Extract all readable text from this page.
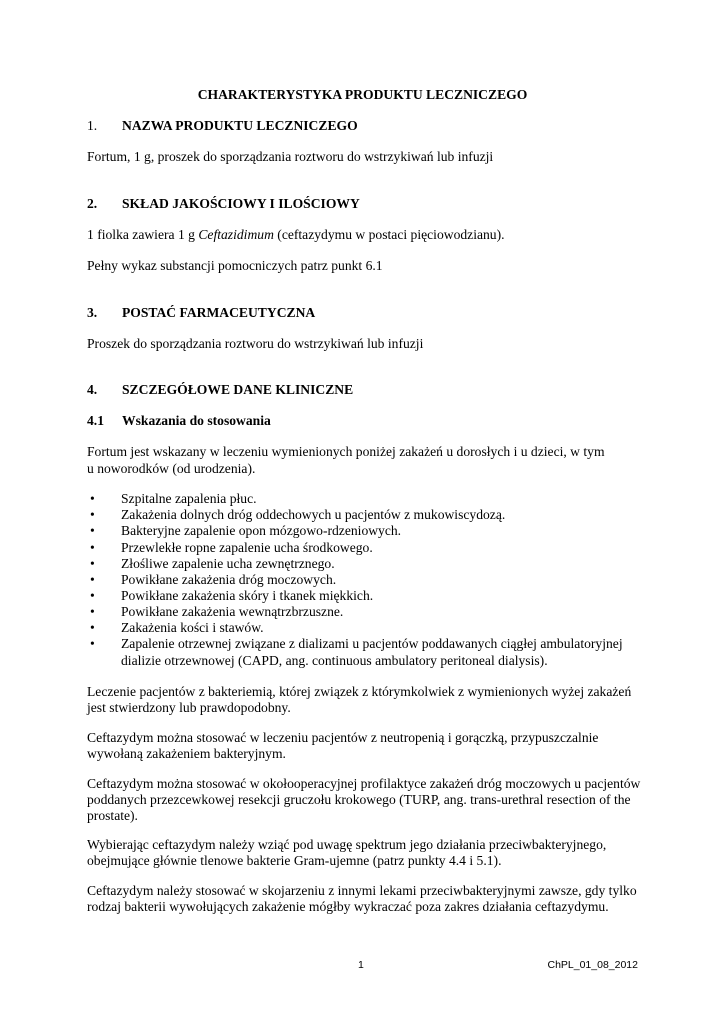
CHARAKTERYSTYKA PRODUKTU LECZNICZEGO
1. NAZWA PRODUKTU LECZNICZEGO
Fortum, 1 g, proszek do sporządzania roztworu do wstrzykiwań lub infuzji
2. SKŁAD JAKOŚCIOWY I ILOŚCIOWY
1 fiolka zawiera 1 g Ceftazidimum (ceftazydymu w postaci pięciowodzianu).
Pełny wykaz substancji pomocniczych patrz punkt 6.1
3. POSTAĆ FARMACEUTYCZNA
Proszek do sporządzania roztworu do wstrzykiwań lub infuzji
4. SZCZEGÓŁOWE DANE KLINICZNE
4.1 Wskazania do stosowania
Fortum jest wskazany w leczeniu wymienionych poniżej zakażeń u dorosłych i u dzieci, w tym
u noworodków (od urodzenia).
• Szpitalne zapalenia płuc.
• Zakażenia dolnych dróg oddechowych u pacjentów z mukowiscydozą.
• Bakteryjne zapalenie opon mózgowo-rdzeniowych.
• Przewlekłe ropne zapalenie ucha środkowego.
• Złośliwe zapalenie ucha zewnętrznego.
• Powikłane zakażenia dróg moczowych.
• Powikłane zakażenia skóry i tkanek miękkich.
• Powikłane zakażenia wewnątrzbrzuszne.
• Zakażenia kości i stawów.
• Zapalenie otrzewnej związane z dializami u pacjentów poddawanych ciągłej ambulatoryjnej
dializie otrzewnowej (CAPD, ang. continuous ambulatory peritoneal dialysis).
Leczenie pacjentów z bakteriemią, której związek z którymkolwiek z wymienionych wyżej zakażeń
jest stwierdzony lub prawdopodobny.
Ceftazydym można stosować w leczeniu pacjentów z neutropenią i gorączką, przypuszczalnie
wywołaną zakażeniem bakteryjnym.
Ceftazydym można stosować w okołooperacyjnej profilaktyce zakażeń dróg moczowych u pacjentów
poddanych przezcewkowej resekcji gruczołu krokowego (TURP, ang. trans-urethral resection of the
prostate).
Wybierając ceftazydym należy wziąć pod uwagę spektrum jego działania przeciwbakteryjnego,
obejmujące głównie tlenowe bakterie Gram-ujemne (patrz punkty 4.4 i 5.1).
Ceftazydym należy stosować w skojarzeniu z innymi lekami przeciwbakteryjnymi zawsze, gdy tylko
rodzaj bakterii wywołujących zakażenie mógłby wykraczać poza zakres działania ceftazydymu.
1	ChPL_01_08_2012
